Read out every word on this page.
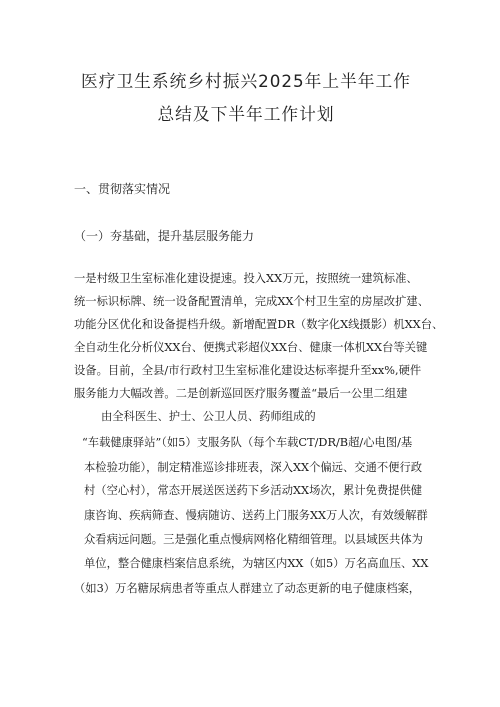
医疗卫生系统乡村振兴2025年上半年工作
总结及下半年工作计划
一、贯彻落实情况
（一）夯基础，提升基层服务能力
一是村级卫生室标准化建设提速。投入XX万元，按照统一建筑标准、
统一标识标牌、统一设备配置清单，完成XX个村卫生室的房屋改扩建、
功能分区优化和设备提档升级。新增配置DR（数字化X线摄影）机XX台、
全自动生化分析仪XX台、便携式彩超仪XX台、健康一体机XX台等关键
设备。目前，全县/市行政村卫生室标准化建设达标率提升至xx%,硬件
服务能力大幅改善。二是创新巡回医疗服务覆盖“最后一公里二组建
由全科医生、护士、公卫人员、药师组成的
“车载健康驿站”（如5）支服务队（每个车载CT/DR/B超/心电图/基
本检验功能），制定精准巡诊排班表，深入XX个偏远、交通不便行政
村（空心村），常态开展送医送药下乡活动XX场次，累计免费提供健
康咨询、疾病筛查、慢病随访、送药上门服务XX万人次，有效缓解群
众看病远问题。三是强化重点慢病网格化精细管理。以县域医共体为
单位，整合健康档案信息系统，为辖区内XX（如5）万名高血压、XX
（如3）万名糖尿病患者等重点人群建立了动态更新的电子健康档案，
